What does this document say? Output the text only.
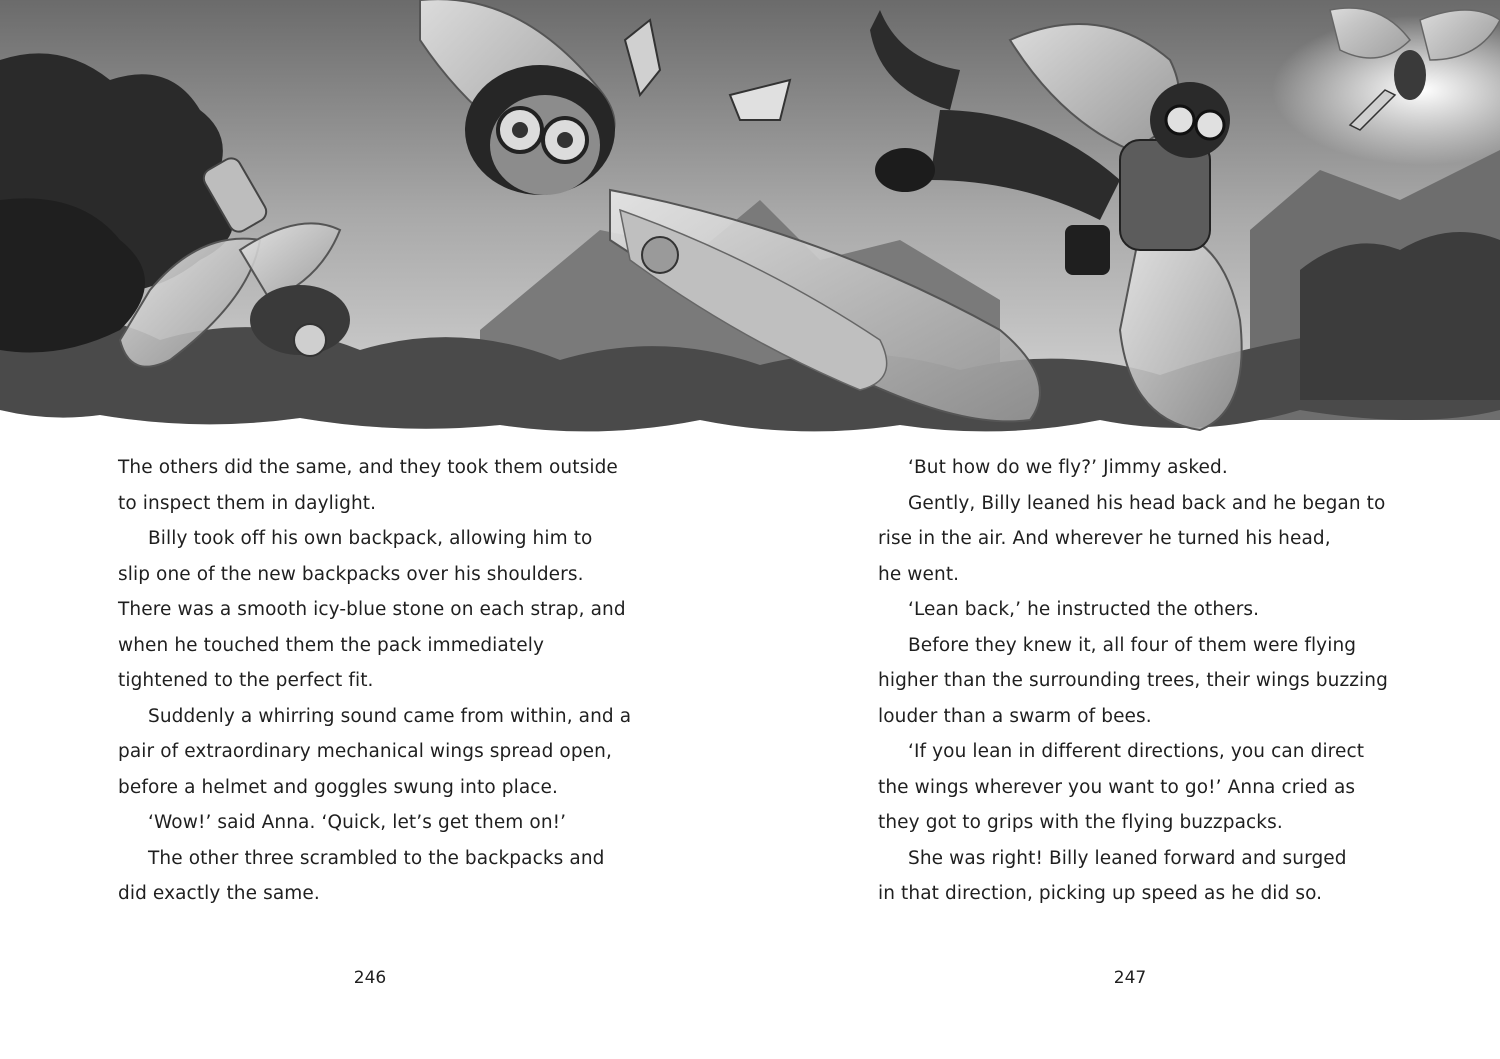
The others did the same, and they took them outside
to inspect them in daylight.
Billy took off his own backpack, allowing him to
slip one of the new backpacks over his shoulders.
There was a smooth icy-blue stone on each strap, and
when he touched them the pack immediately
tightened to the perfect fit.
Suddenly a whirring sound came from within, and a
pair of extraordinary mechanical wings spread open,
before a helmet and goggles swung into place.
‘Wow!’ said Anna. ‘Quick, let’s get them on!’
The other three scrambled to the backpacks and
did exactly the same.
‘But how do we fly?’ Jimmy asked.
Gently, Billy leaned his head back and he began to
rise in the air. And wherever he turned his head,
he went.
‘Lean back,’ he instructed the others.
Before they knew it, all four of them were flying
higher than the surrounding trees, their wings buzzing
louder than a swarm of bees.
‘If you lean in different directions, you can direct
the wings wherever you want to go!’ Anna cried as
they got to grips with the flying buzzpacks.
She was right! Billy leaned forward and surged
in that direction, picking up speed as he did so.
246	247
